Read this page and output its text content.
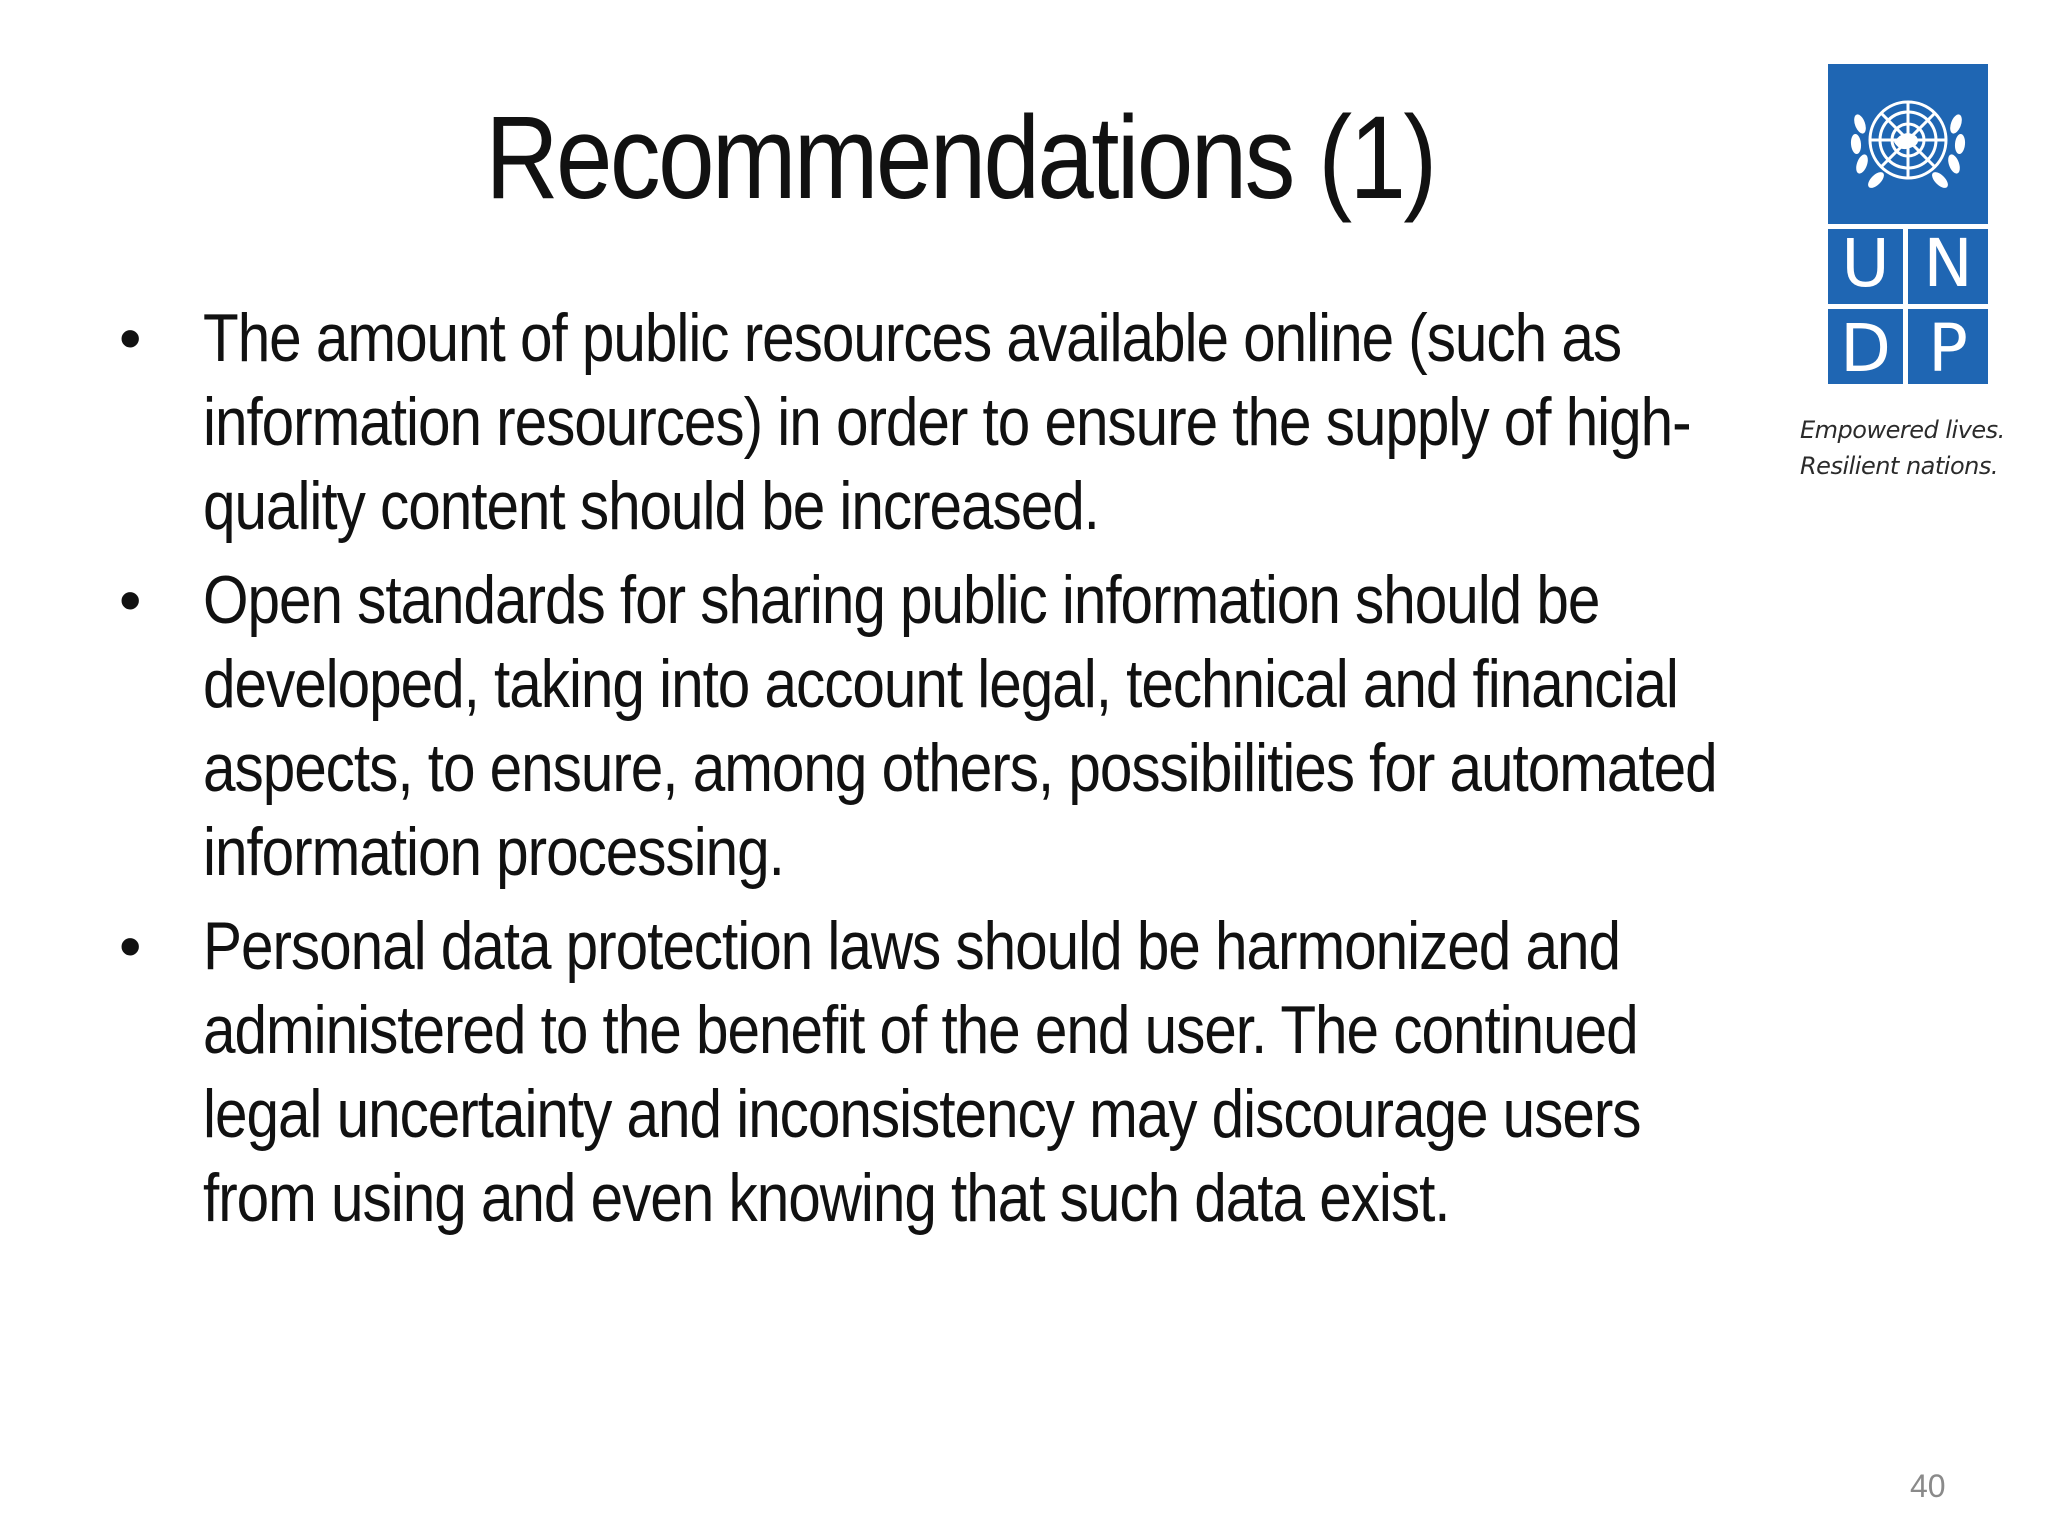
Recommendations (1)
• The amount of public resources available online (such as
information resources) in order to ensure the supply of high-
quality content should be increased.
• Open standards for sharing public information should be
developed, taking into account legal, technical and financial
aspects, to ensure, among others, possibilities for automated
information processing.
• Personal data protection laws should be harmonized and
administered to the benefit of the end user. The continued
legal uncertainty and inconsistency may discourage users
from using and even knowing that such data exist.
U N
D P
Empowered lives.
Resilient nations.
40
